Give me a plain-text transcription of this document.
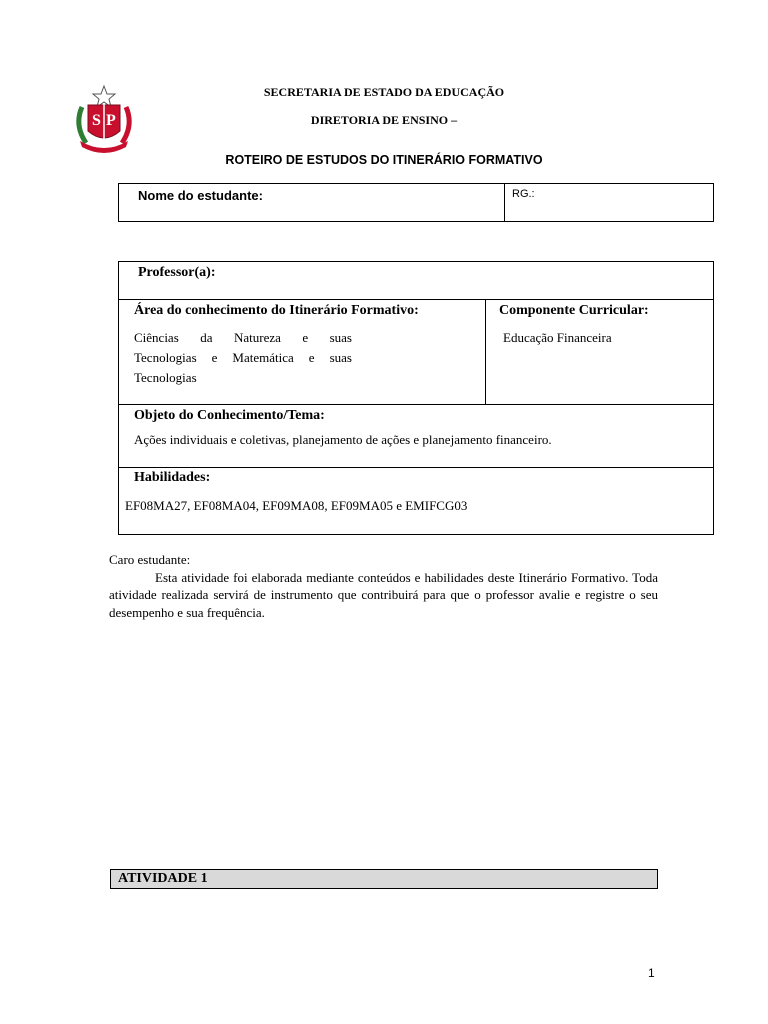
S P
SECRETARIA DE ESTADO DA EDUCAÇÃO
DIRETORIA DE ENSINO –
ROTEIRO DE ESTUDOS DO ITINERÁRIO FORMATIVO
Nome do estudante:	RG.:
Professor(a):

Área do conhecimento do Itinerário Formativo:
Ciências da Natureza e suas
Tecnologias e Matemática e suas
Tecnologias

Componente Curricular:
Educação Financeira

Objeto do Conhecimento/Tema:
Ações individuais e coletivas, planejamento de ações e planejamento financeiro.

Habilidades:
EF08MA27, EF08MA04, EF09MA08, EF09MA05 e EMIFCG03

Caro estudante:

Esta atividade foi elaborada mediante conteúdos e habilidades deste Itinerário Formativo. Toda atividade realizada servirá de instrumento que contribuirá para que o professor avalie e registre o seu desempenho e sua frequência.

ATIVIDADE 1
1
